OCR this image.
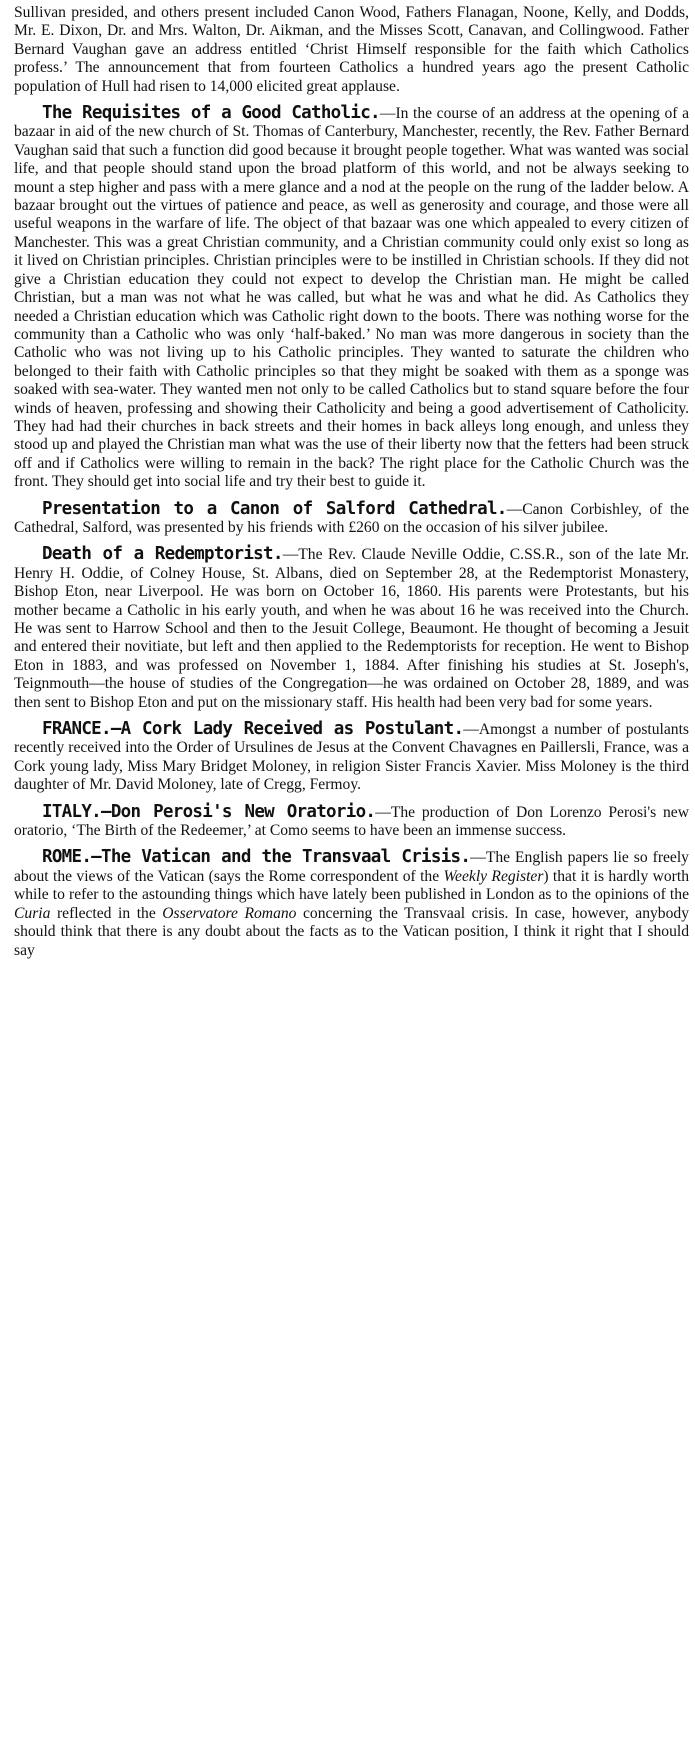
Sullivan presided, and others present included Canon Wood, Fathers Flanagan, Noone, Kelly, and Dodds, Mr. E. Dixon, Dr. and Mrs. Walton, Dr. Aikman, and the Misses Scott, Canavan, and Collingwood. Father Bernard Vaughan gave an address entitled ‘Christ Himself responsible for the faith which Catholics profess.’ The announcement that from fourteen Catholics a hundred years ago the present Catholic population of Hull had risen to 14,000 elicited great applause.

The Requisites of a Good Catholic.—In the course of an address at the opening of a bazaar in aid of the new church of St. Thomas of Canterbury, Manchester, recently, the Rev. Father Bernard Vaughan said that such a function did good because it brought people together. What was wanted was social life, and that people should stand upon the broad platform of this world, and not be always seeking to mount a step higher and pass with a mere glance and a nod at the people on the rung of the ladder below. A bazaar brought out the virtues of patience and peace, as well as generosity and courage, and those were all useful weapons in the warfare of life. The object of that bazaar was one which appealed to every citizen of Manchester. This was a great Christian community, and a Christian community could only exist so long as it lived on Christian principles. Christian principles were to be instilled in Christian schools. If they did not give a Christian education they could not expect to develop the Christian man. He might be called Christian, but a man was not what he was called, but what he was and what he did. As Catholics they needed a Christian education which was Catholic right down to the boots. There was nothing worse for the community than a Catholic who was only ‘half-baked.’ No man was more dangerous in society than the Catholic who was not living up to his Catholic principles. They wanted to saturate the children who belonged to their faith with Catholic principles so that they might be soaked with them as a sponge was soaked with sea-water. They wanted men not only to be called Catholics but to stand square before the four winds of heaven, professing and showing their Catholicity and being a good advertisement of Catholicity. They had had their churches in back streets and their homes in back alleys long enough, and unless they stood up and played the Christian man what was the use of their liberty now that the fetters had been struck off and if Catholics were willing to remain in the back? The right place for the Catholic Church was the front. They should get into social life and try their best to guide it.

Presentation to a Canon of Salford Cathedral.—Canon Corbishley, of the Cathedral, Salford, was presented by his friends with £260 on the occasion of his silver jubilee.

Death of a Redemptorist.—The Rev. Claude Neville Oddie, C.SS.R., son of the late Mr. Henry H. Oddie, of Colney House, St. Albans, died on September 28, at the Redemptorist Monastery, Bishop Eton, near Liverpool. He was born on October 16, 1860. His parents were Protestants, but his mother became a Catholic in his early youth, and when he was about 16 he was received into the Church. He was sent to Harrow School and then to the Jesuit College, Beaumont. He thought of becoming a Jesuit and entered their novitiate, but left and then applied to the Redemptorists for reception. He went to Bishop Eton in 1883, and was professed on November 1, 1884. After finishing his studies at St. Joseph's, Teignmouth—the house of studies of the Congregation—he was ordained on October 28, 1889, and was then sent to Bishop Eton and put on the missionary staff. His health had been very bad for some years.

FRANCE.—A Cork Lady Received as Postulant.—Amongst a number of postulants recently received into the Order of Ursulines de Jesus at the Convent Chavagnes en Paillersli, France, was a Cork young lady, Miss Mary Bridget Moloney, in religion Sister Francis Xavier. Miss Moloney is the third daughter of Mr. David Moloney, late of Cregg, Fermoy.

ITALY.—Don Perosi's New Oratorio.—The production of Don Lorenzo Perosi's new oratorio, ‘The Birth of the Redeemer,’ at Como seems to have been an immense success.

ROME.—The Vatican and the Transvaal Crisis.—The English papers lie so freely about the views of the Vatican (says the Rome correspondent of the Weekly Register) that it is hardly worth while to refer to the astounding things which have lately been published in London as to the opinions of the Curia reflected in the Osservatore Romano concerning the Transvaal crisis. In case, however, anybody should think that there is any doubt about the facts as to the Vatican position, I think it right that I should say
